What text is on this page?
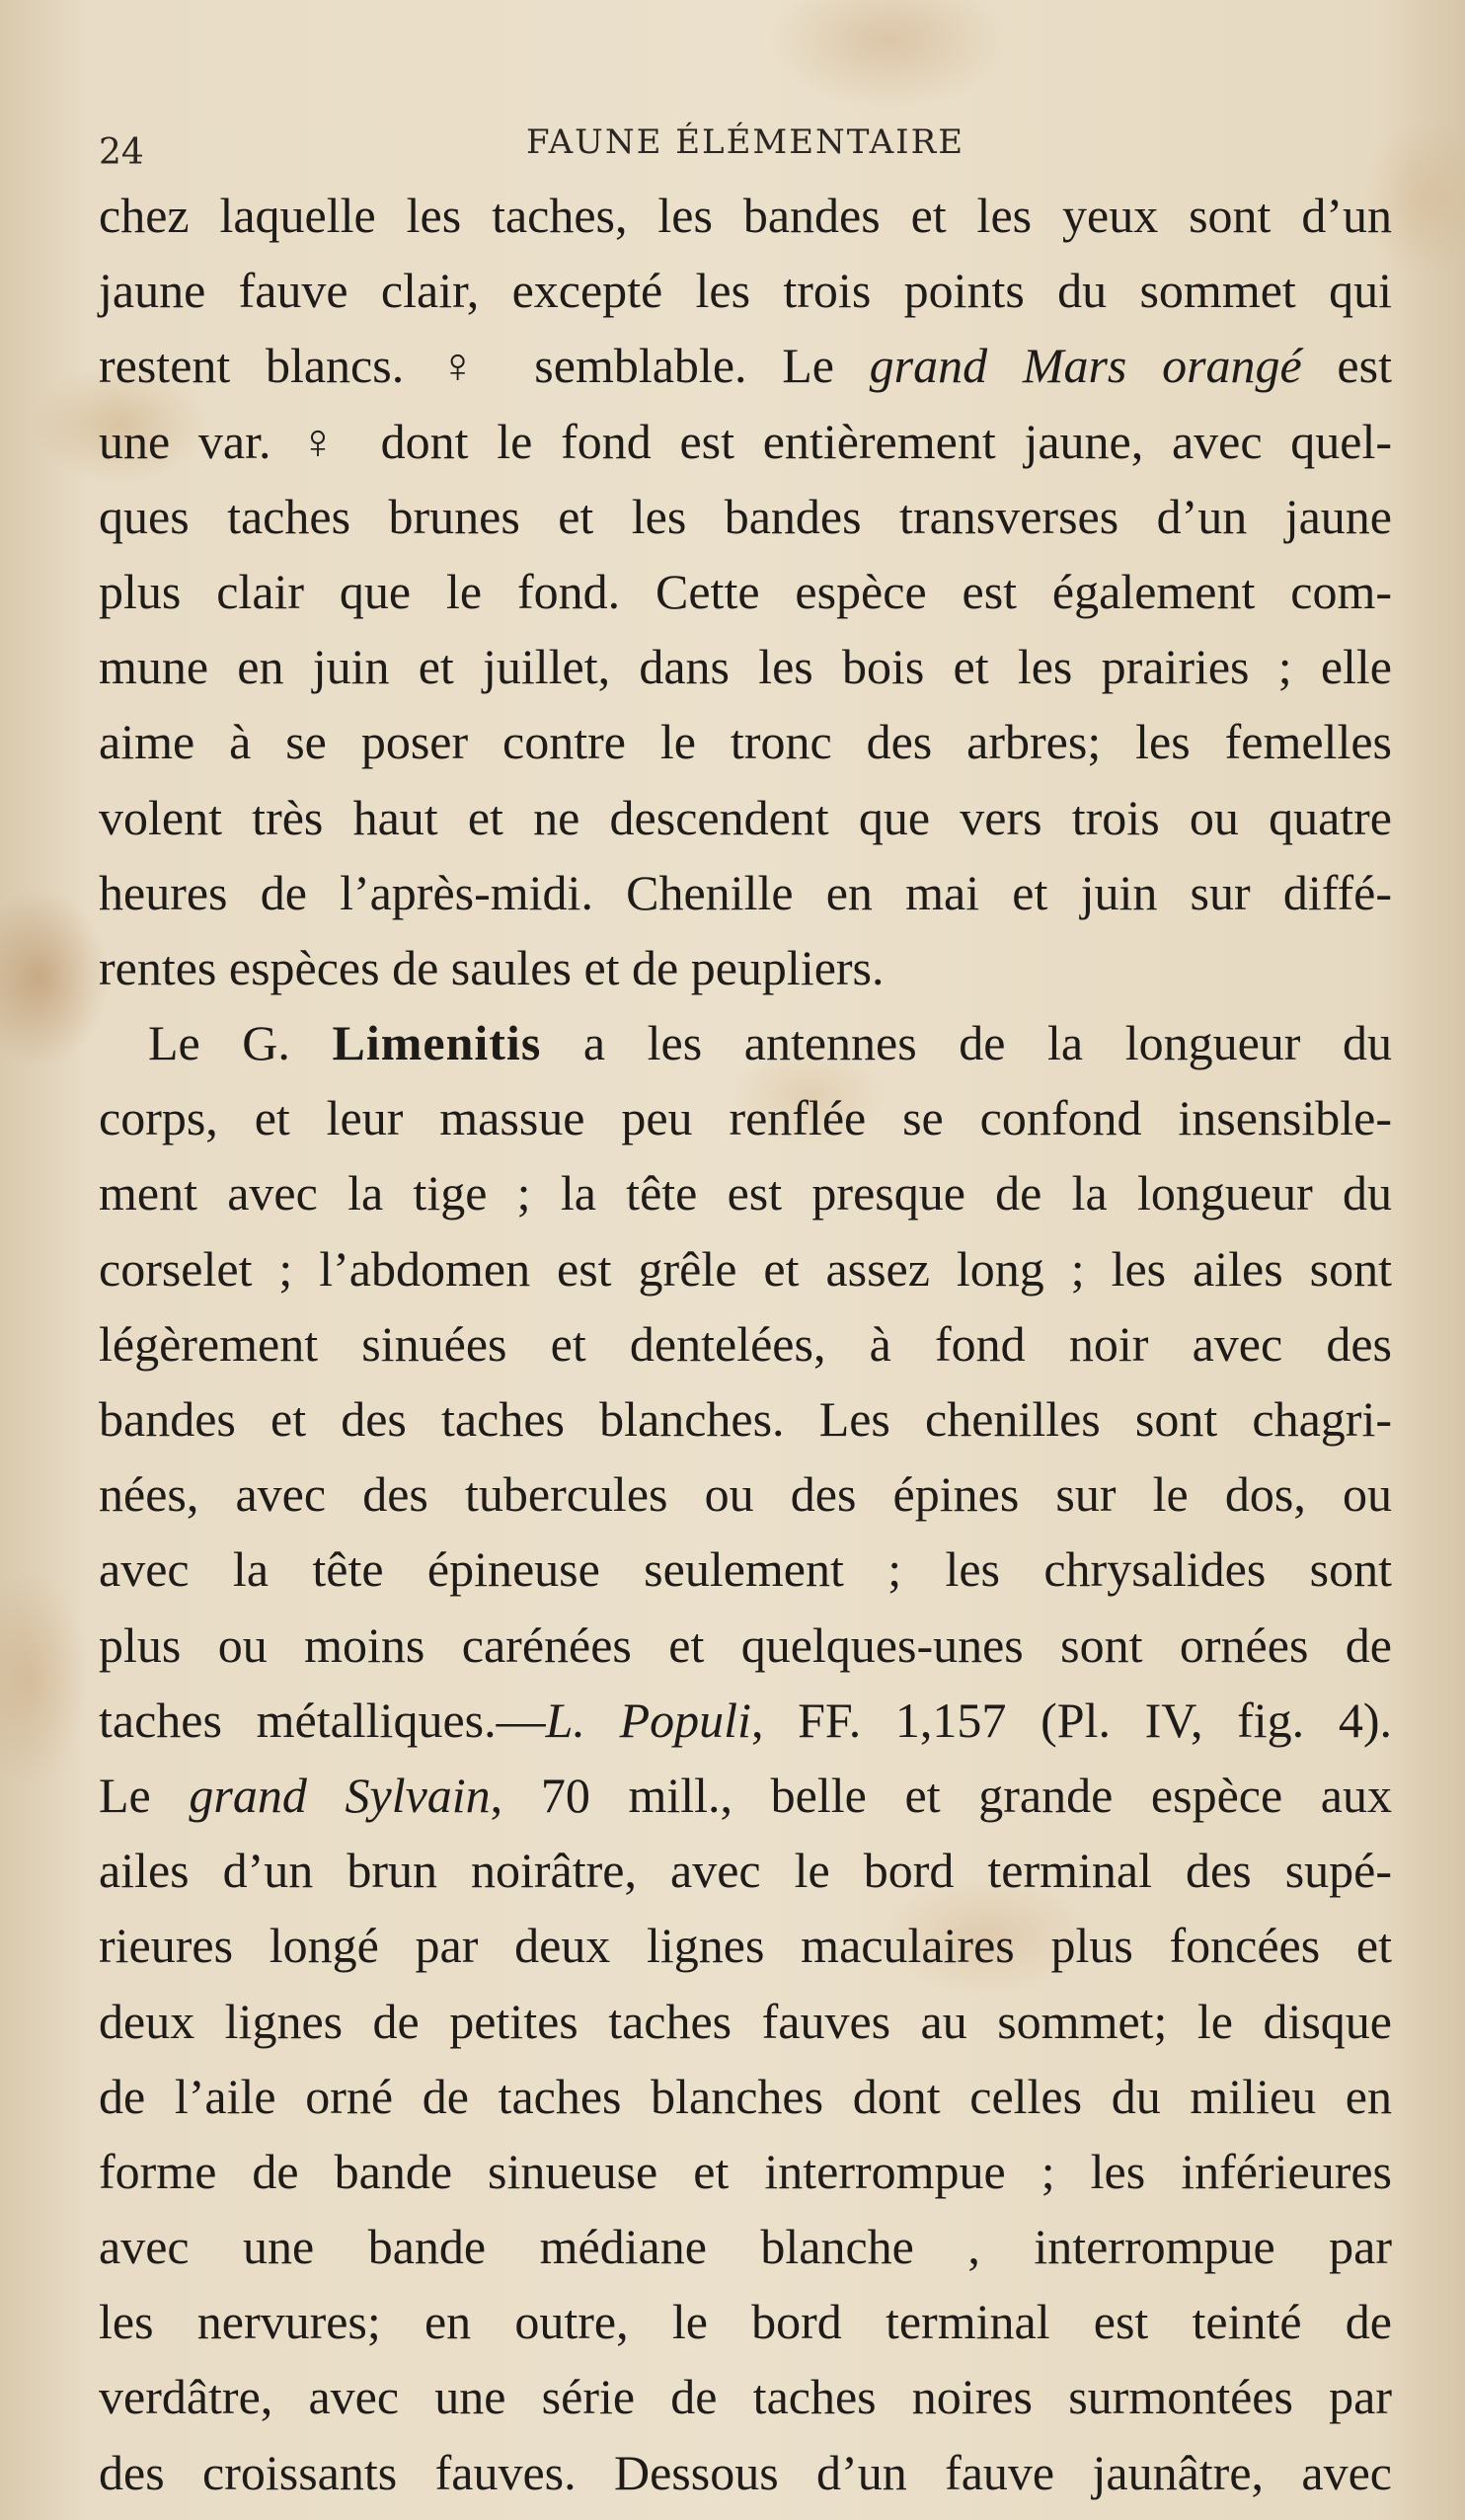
24	FAUNE ÉLÉMENTAIRE
chez laquelle les taches, les bandes et les yeux sont d’un
jaune fauve clair, excepté les trois points du sommet qui
restent blancs. ♀ semblable. Le grand Mars orangé est
une var. ♀ dont le fond est entièrement jaune, avec quel-
ques taches brunes et les bandes transverses d’un jaune
plus clair que le fond. Cette espèce est également com-
mune en juin et juillet, dans les bois et les prairies ; elle
aime à se poser contre le tronc des arbres; les femelles
volent très haut et ne descendent que vers trois ou quatre
heures de l’après-midi. Chenille en mai et juin sur diffé-
rentes espèces de saules et de peupliers.
Le G. Limenitis a les antennes de la longueur du
corps, et leur massue peu renflée se confond insensible-
ment avec la tige ; la tête est presque de la longueur du
corselet ; l’abdomen est grêle et assez long ; les ailes sont
légèrement sinuées et dentelées, à fond noir avec des
bandes et des taches blanches. Les chenilles sont chagri-
nées, avec des tubercules ou des épines sur le dos, ou
avec la tête épineuse seulement ; les chrysalides sont
plus ou moins carénées et quelques-unes sont ornées de
taches métalliques.—L. Populi, FF. 1,157 (Pl. IV, fig. 4).
Le grand Sylvain, 70 mill., belle et grande espèce aux
ailes d’un brun noirâtre, avec le bord terminal des supé-
rieures longé par deux lignes maculaires plus foncées et
deux lignes de petites taches fauves au sommet; le disque
de l’aile orné de taches blanches dont celles du milieu en
forme de bande sinueuse et interrompue ; les inférieures
avec une bande médiane blanche , interrompue par
les nervures; en outre, le bord terminal est teinté de
verdâtre, avec une série de taches noires surmontées par
des croissants fauves. Dessous d’un fauve jaunâtre, avec
